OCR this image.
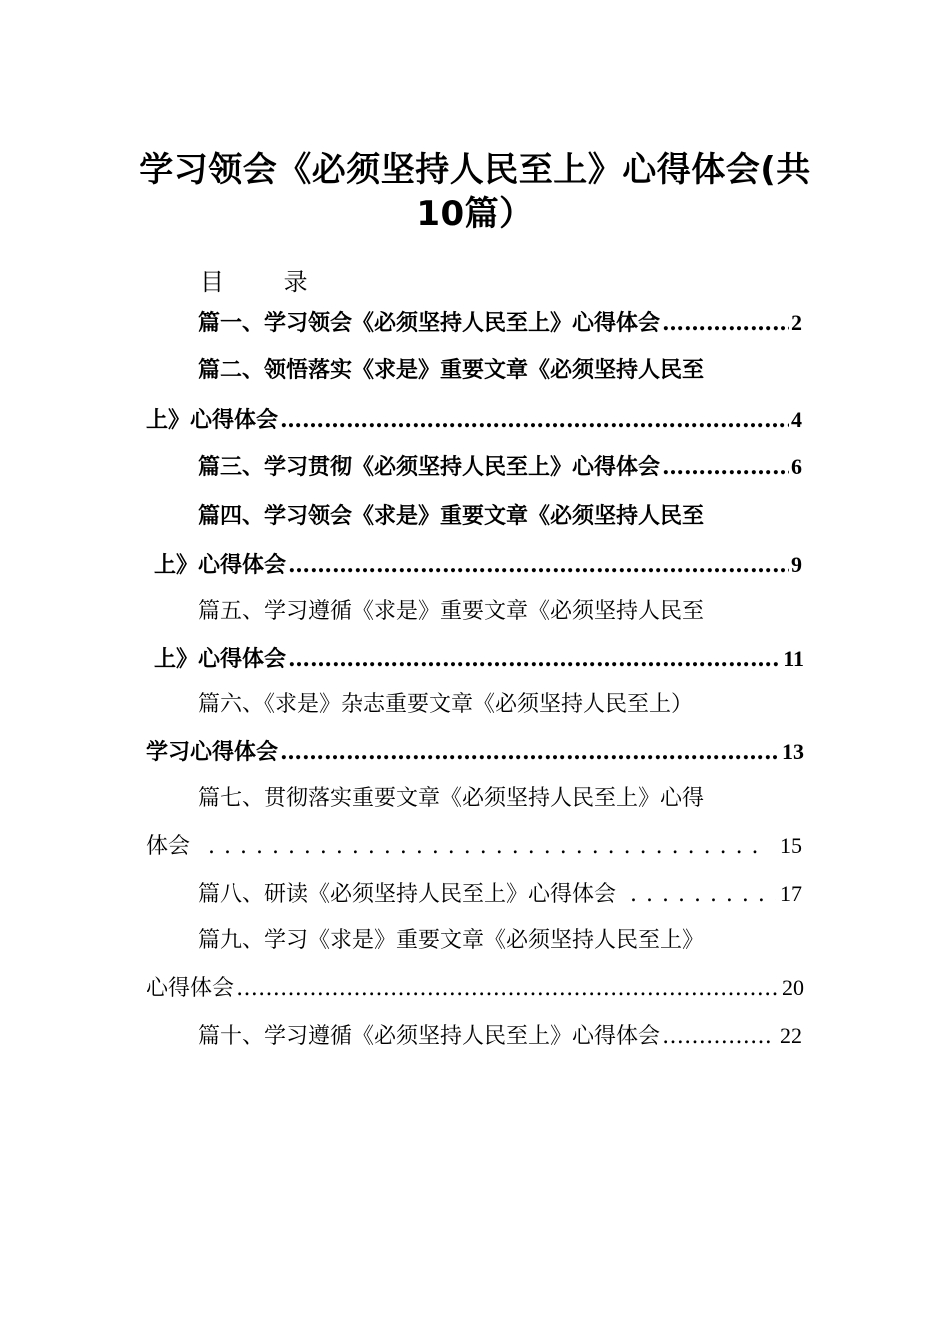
学习领会《必须坚持人民至上》心得体会(共
10篇）
目 录
篇一、学习领会《必须坚持人民至上》心得体会 …………………………………………………………………………………………………………	2
篇二、领悟落实《求是》重要文章《必须坚持人民至
上》心得体会 …………………………………………………………………………………………………………	4
篇三、学习贯彻《必须坚持人民至上》心得体会 …………………………………………………………………………………………………………	6
篇四、学习领会《求是》重要文章《必须坚持人民至
上》心得体会 …………………………………………………………………………………………………………	9
篇五、学习遵循《求是》重要文章《必须坚持人民至
上》心得体会 …………………………………………………………………………………………………………	11
篇六、《求是》杂志重要文章《必须坚持人民至上）
学习心得体会 …………………………………………………………………………………………………………	13
篇七、贯彻落实重要文章《必须坚持人民至上》心得
体会 . . .	15
篇八、研读《必须坚持人民至上》心得体会 . . .	17
篇九、学习《求是》重要文章《必须坚持人民至上》
心得体会 …………………………………………………………………………………………………………	20
篇十、学习遵循《必须坚持人民至上》心得体会 …………………………………………………………………………………………………………	22
